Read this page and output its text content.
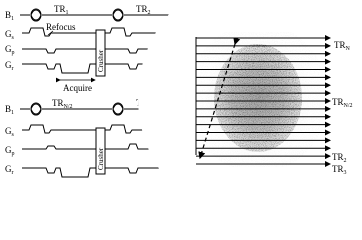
$B_1$
$G_s$
$G_p$
$G_r$
$TR_1$	$TR_2$
Refocus
Acquire
Crusher	Crusher
$B_1$
$G_s$
$G_p$
$G_r$
$TR_{N/2}$	$TR_N$
Crusher	Crusher
$TR_N$
$TR_{N/2}$
$TR_2$
$TR_3$
